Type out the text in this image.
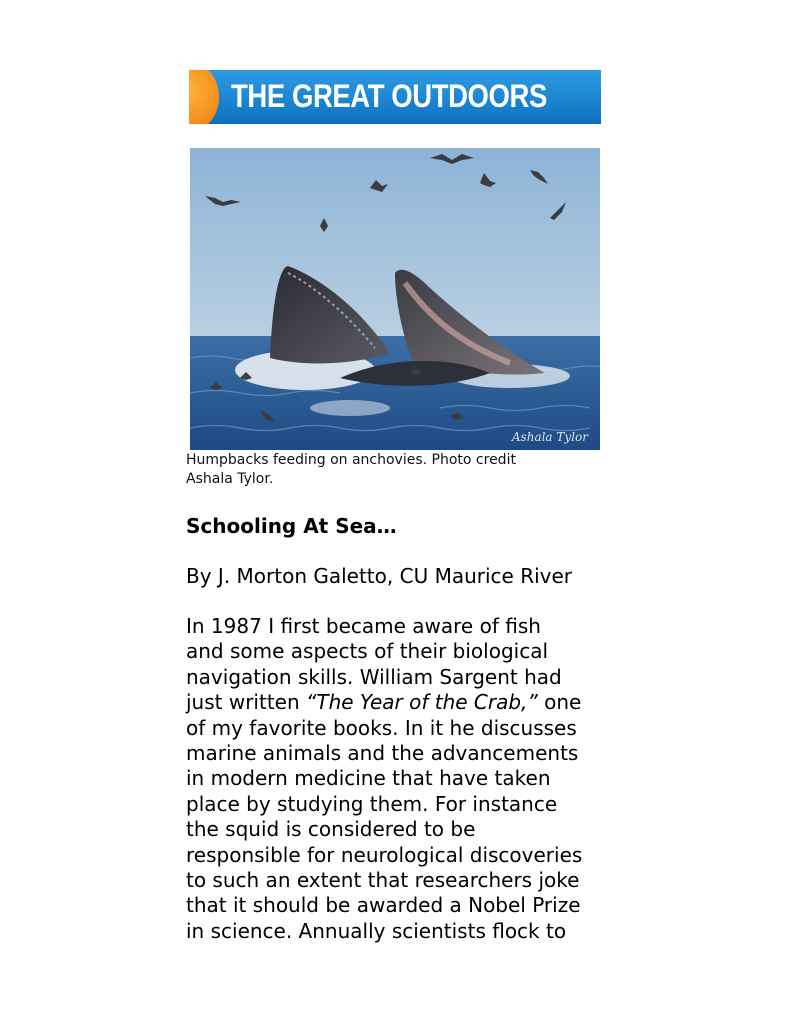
THE GREAT OUTDOORS
Ashala Tylor
Humpbacks feeding on anchovies. Photo credit
Ashala Tylor.
Schooling At Sea…
By J. Morton Galetto, CU Maurice River
In 1987 I first became aware of fish
and some aspects of their biological
navigation skills. William Sargent had
just written “The Year of the Crab,” one
of my favorite books. In it he discusses
marine animals and the advancements
in modern medicine that have taken
place by studying them. For instance
the squid is considered to be
responsible for neurological discoveries
to such an extent that researchers joke
that it should be awarded a Nobel Prize
in science. Annually scientists flock to
